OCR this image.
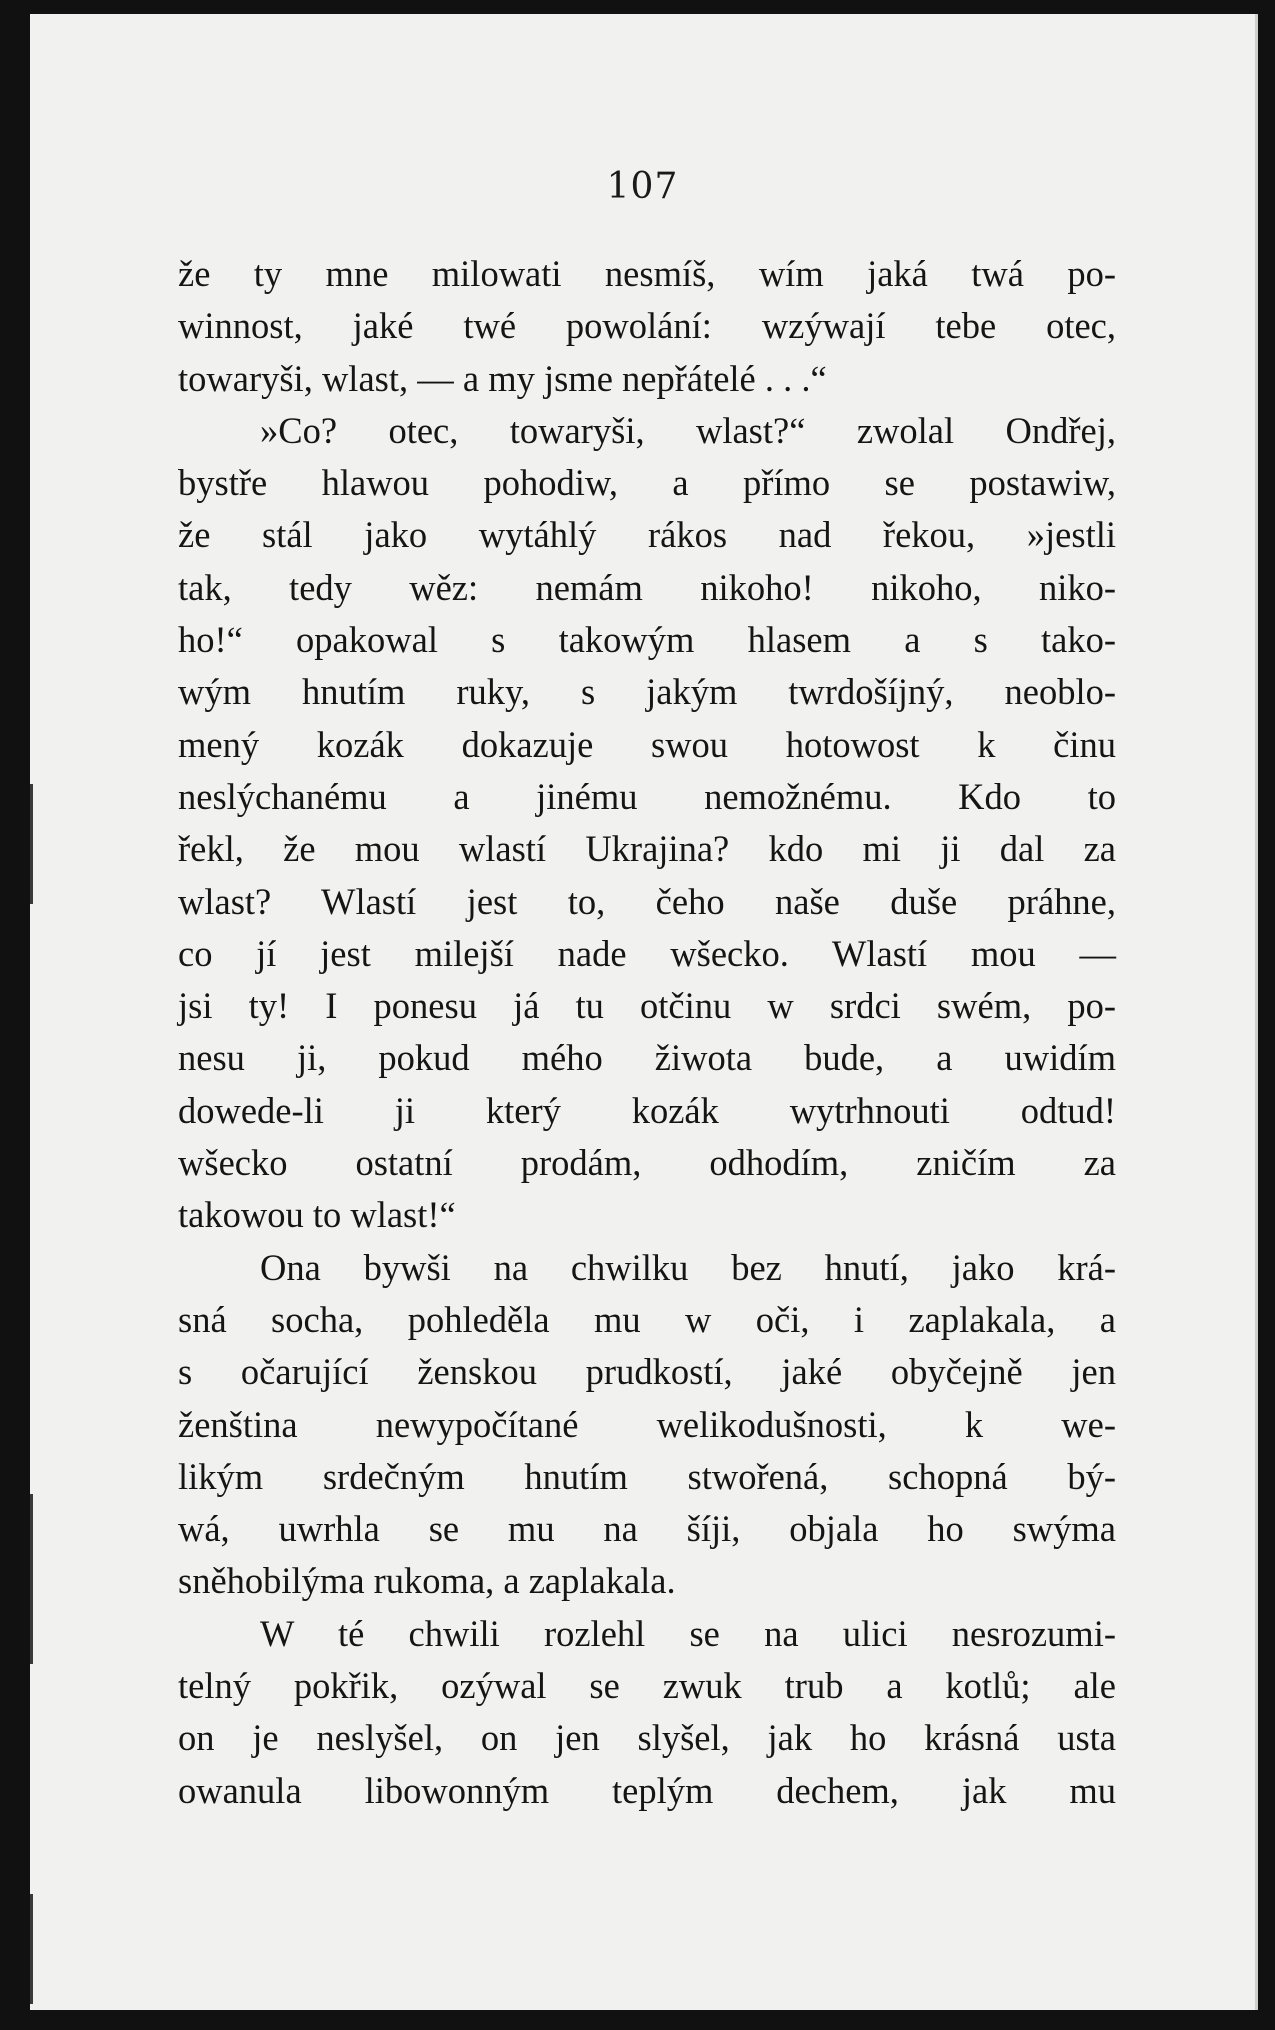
107
že ty mne milowati nesmíš, wím jaká twá po-
winnost, jaké twé powolání: wzýwají tebe otec,
towaryši, wlast, — a my jsme nepřátelé . . .“
»Co? otec, towaryši, wlast?“ zwolal Ondřej,
bystře hlawou pohodiw, a přímo se postawiw,
že stál jako wytáhlý rákos nad řekou, »jestli
tak, tedy wěz: nemám nikoho! nikoho, niko-
ho!“ opakowal s takowým hlasem a s tako-
wým hnutím ruky, s jakým twrdošíjný, neoblo-
mený kozák dokazuje swou hotowost k činu
neslýchanému a jinému nemožnému. Kdo to
řekl, že mou wlastí Ukrajina? kdo mi ji dal za
wlast? Wlastí jest to, čeho naše duše práhne,
co jí jest milejší nade wšecko. Wlastí mou —
jsi ty! I ponesu já tu otčinu w srdci swém, po-
nesu ji, pokud mého žiwota bude, a uwidím
dowede-li ji který kozák wytrhnouti odtud!
wšecko ostatní prodám, odhodím, zničím za
takowou to wlast!“
Ona bywši na chwilku bez hnutí, jako krá-
sná socha, pohleděla mu w oči, i zaplakala, a
s očarující ženskou prudkostí, jaké obyčejně jen
ženština newypočítané welikodušnosti, k we-
likým srdečným hnutím stwořená, schopná bý-
wá, uwrhla se mu na šíji, objala ho swýma
sněhobilýma rukoma, a zaplakala.
W té chwili rozlehl se na ulici nesrozumi-
telný pokřik, ozýwal se zwuk trub a kotlů; ale
on je neslyšel, on jen slyšel, jak ho krásná usta
owanula libowonným teplým dechem, jak mu
